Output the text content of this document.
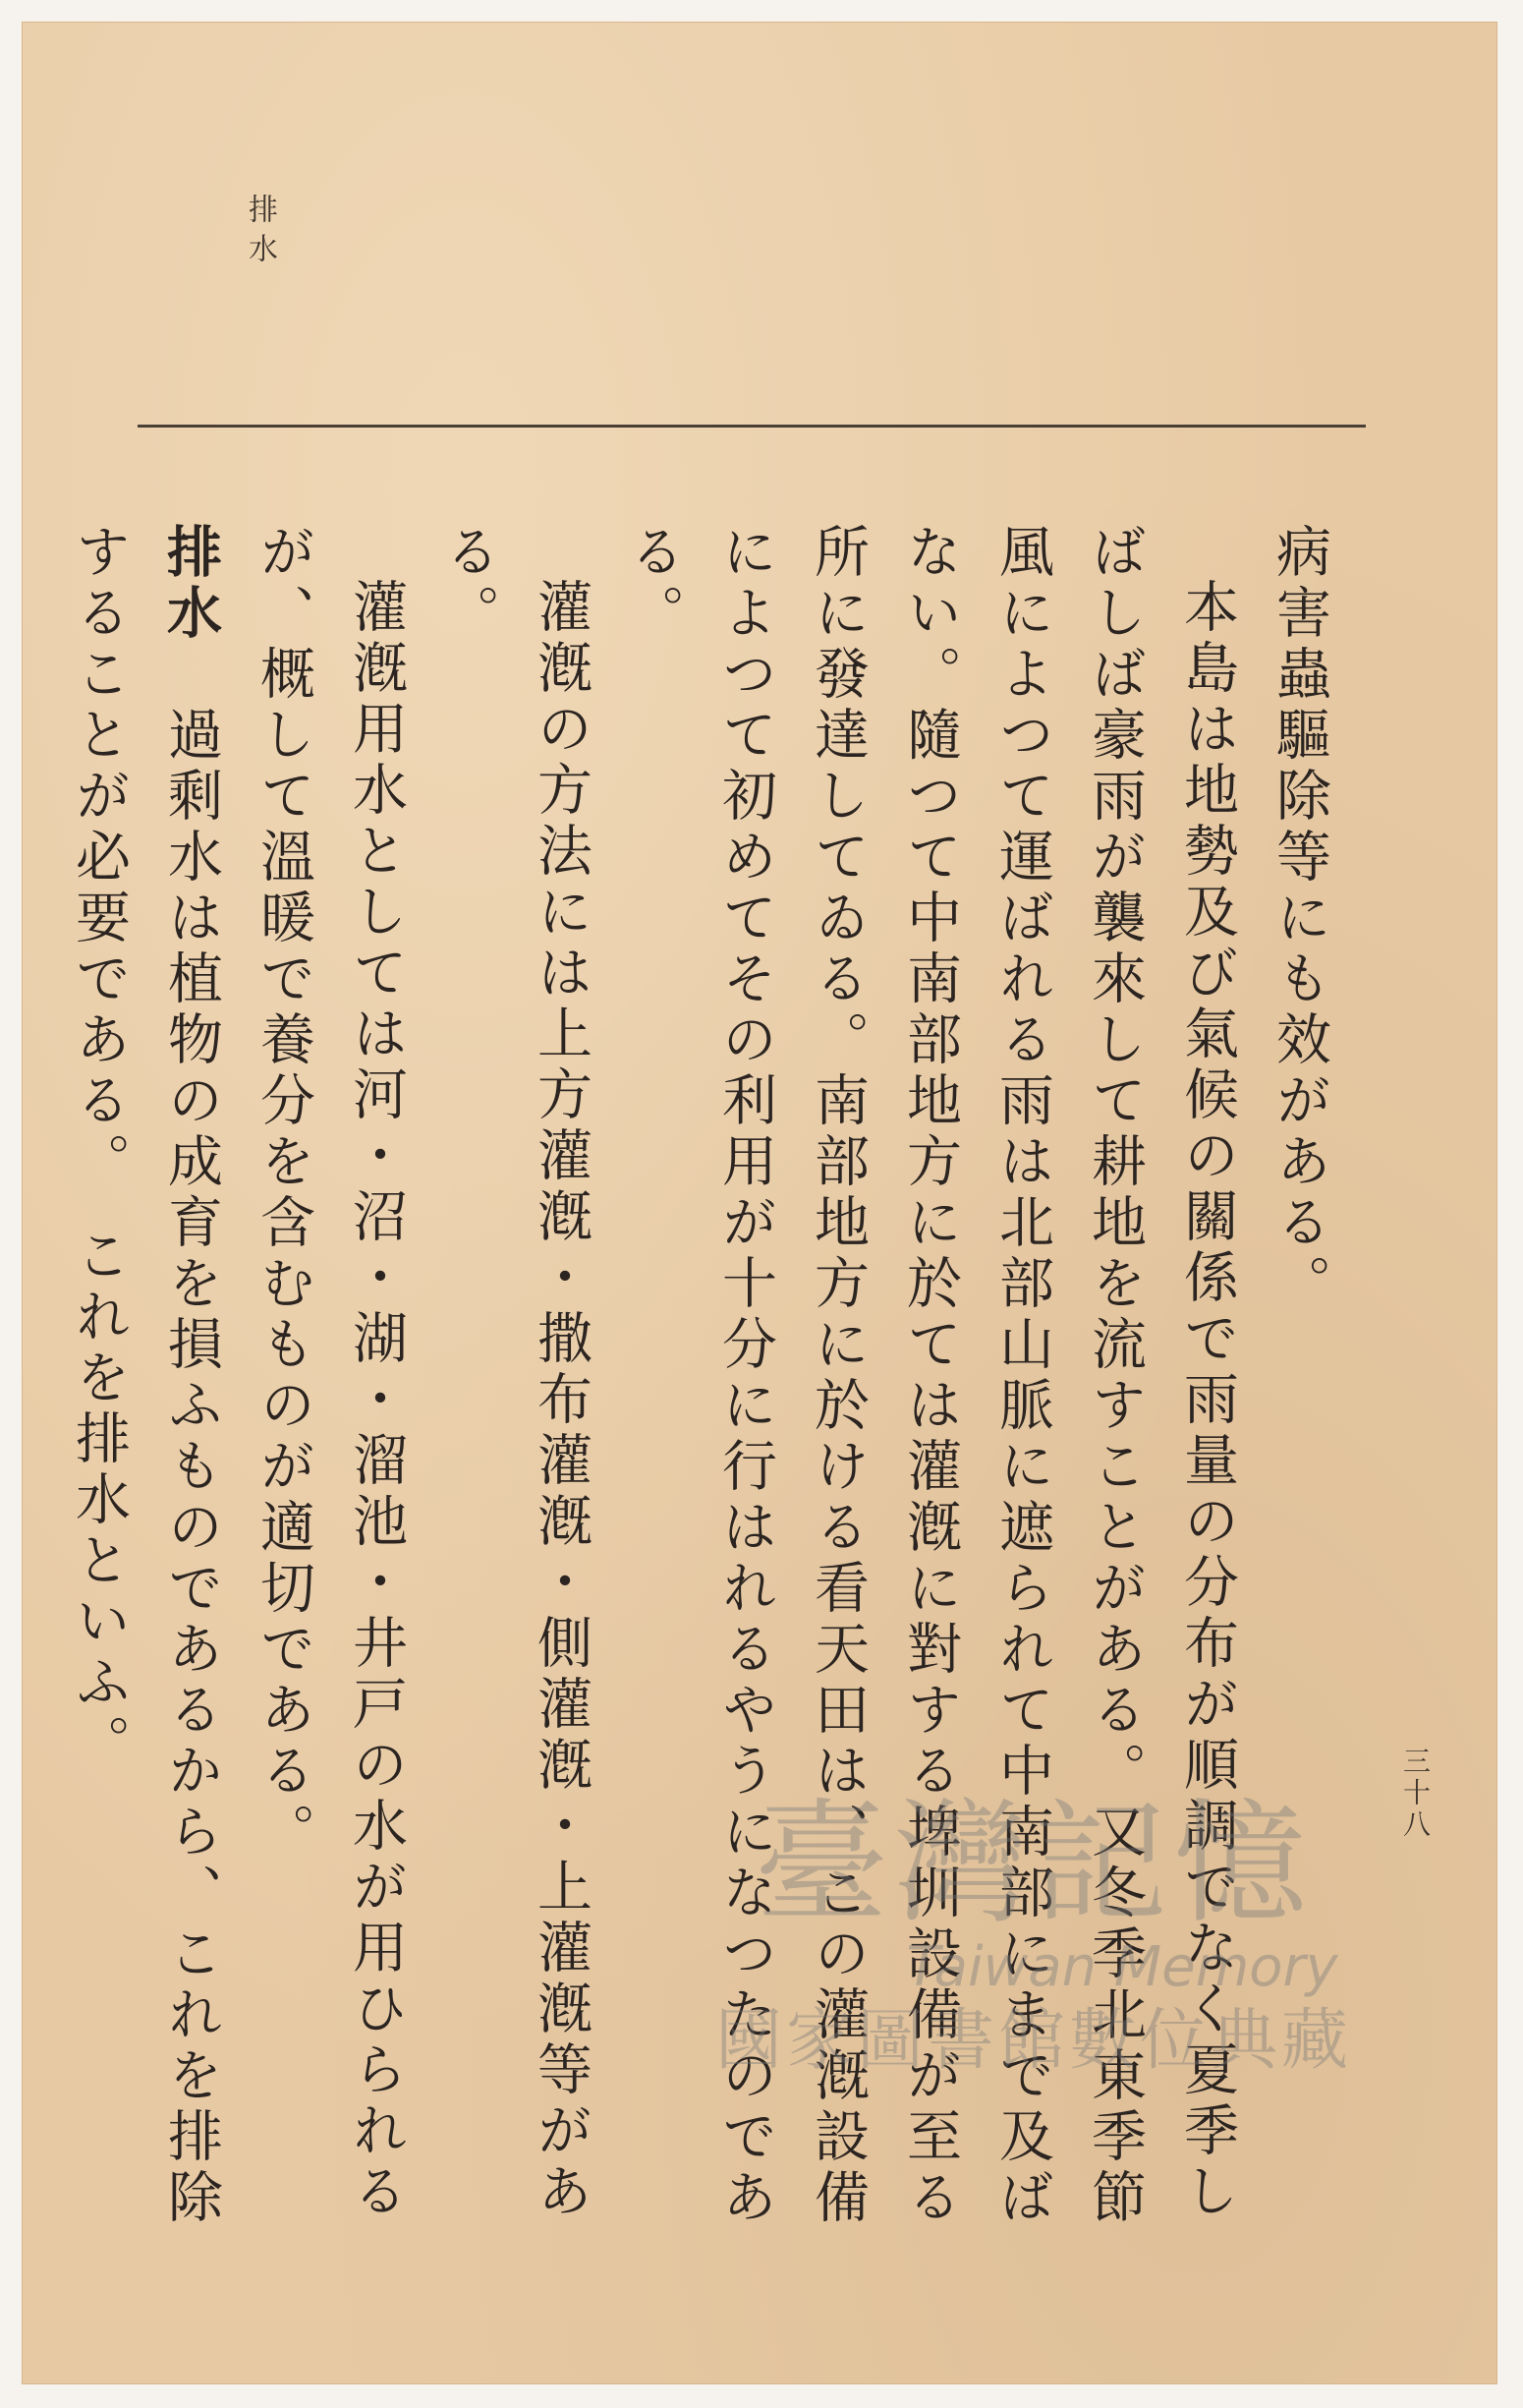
排水

病害蟲驅除等にも效がある。

本島は地勢及び氣候の關係で雨量の分布が順調でなく夏季しばしば豪雨が襲來して耕地を流すことがある。又冬季北東季節風によつて運ばれる雨は北部山脈に遮られて中南部にまで及ばない。隨つて中南部地方に於ては灌漑に對する埤圳設備が至る所に發達してゐる。南部地方に於ける看天田は、この灌漑設備によつて初めてその利用が十分に行はれるやうになつたのである。

灌漑の方法には上方灌漑・撒布灌漑・側灌漑・上灌漑等がある。

灌漑用水としては河・沼・湖・溜池・井戸の水が用ひられるが、概して溫暖で養分を含むものが適切である。

排水　過剩水は植物の成育を損ふものであるから、これを排除することが必要である。　これを排水といふ。

三十八
臺灣記憶
Taiwan Memory
國家圖書館數位典藏
